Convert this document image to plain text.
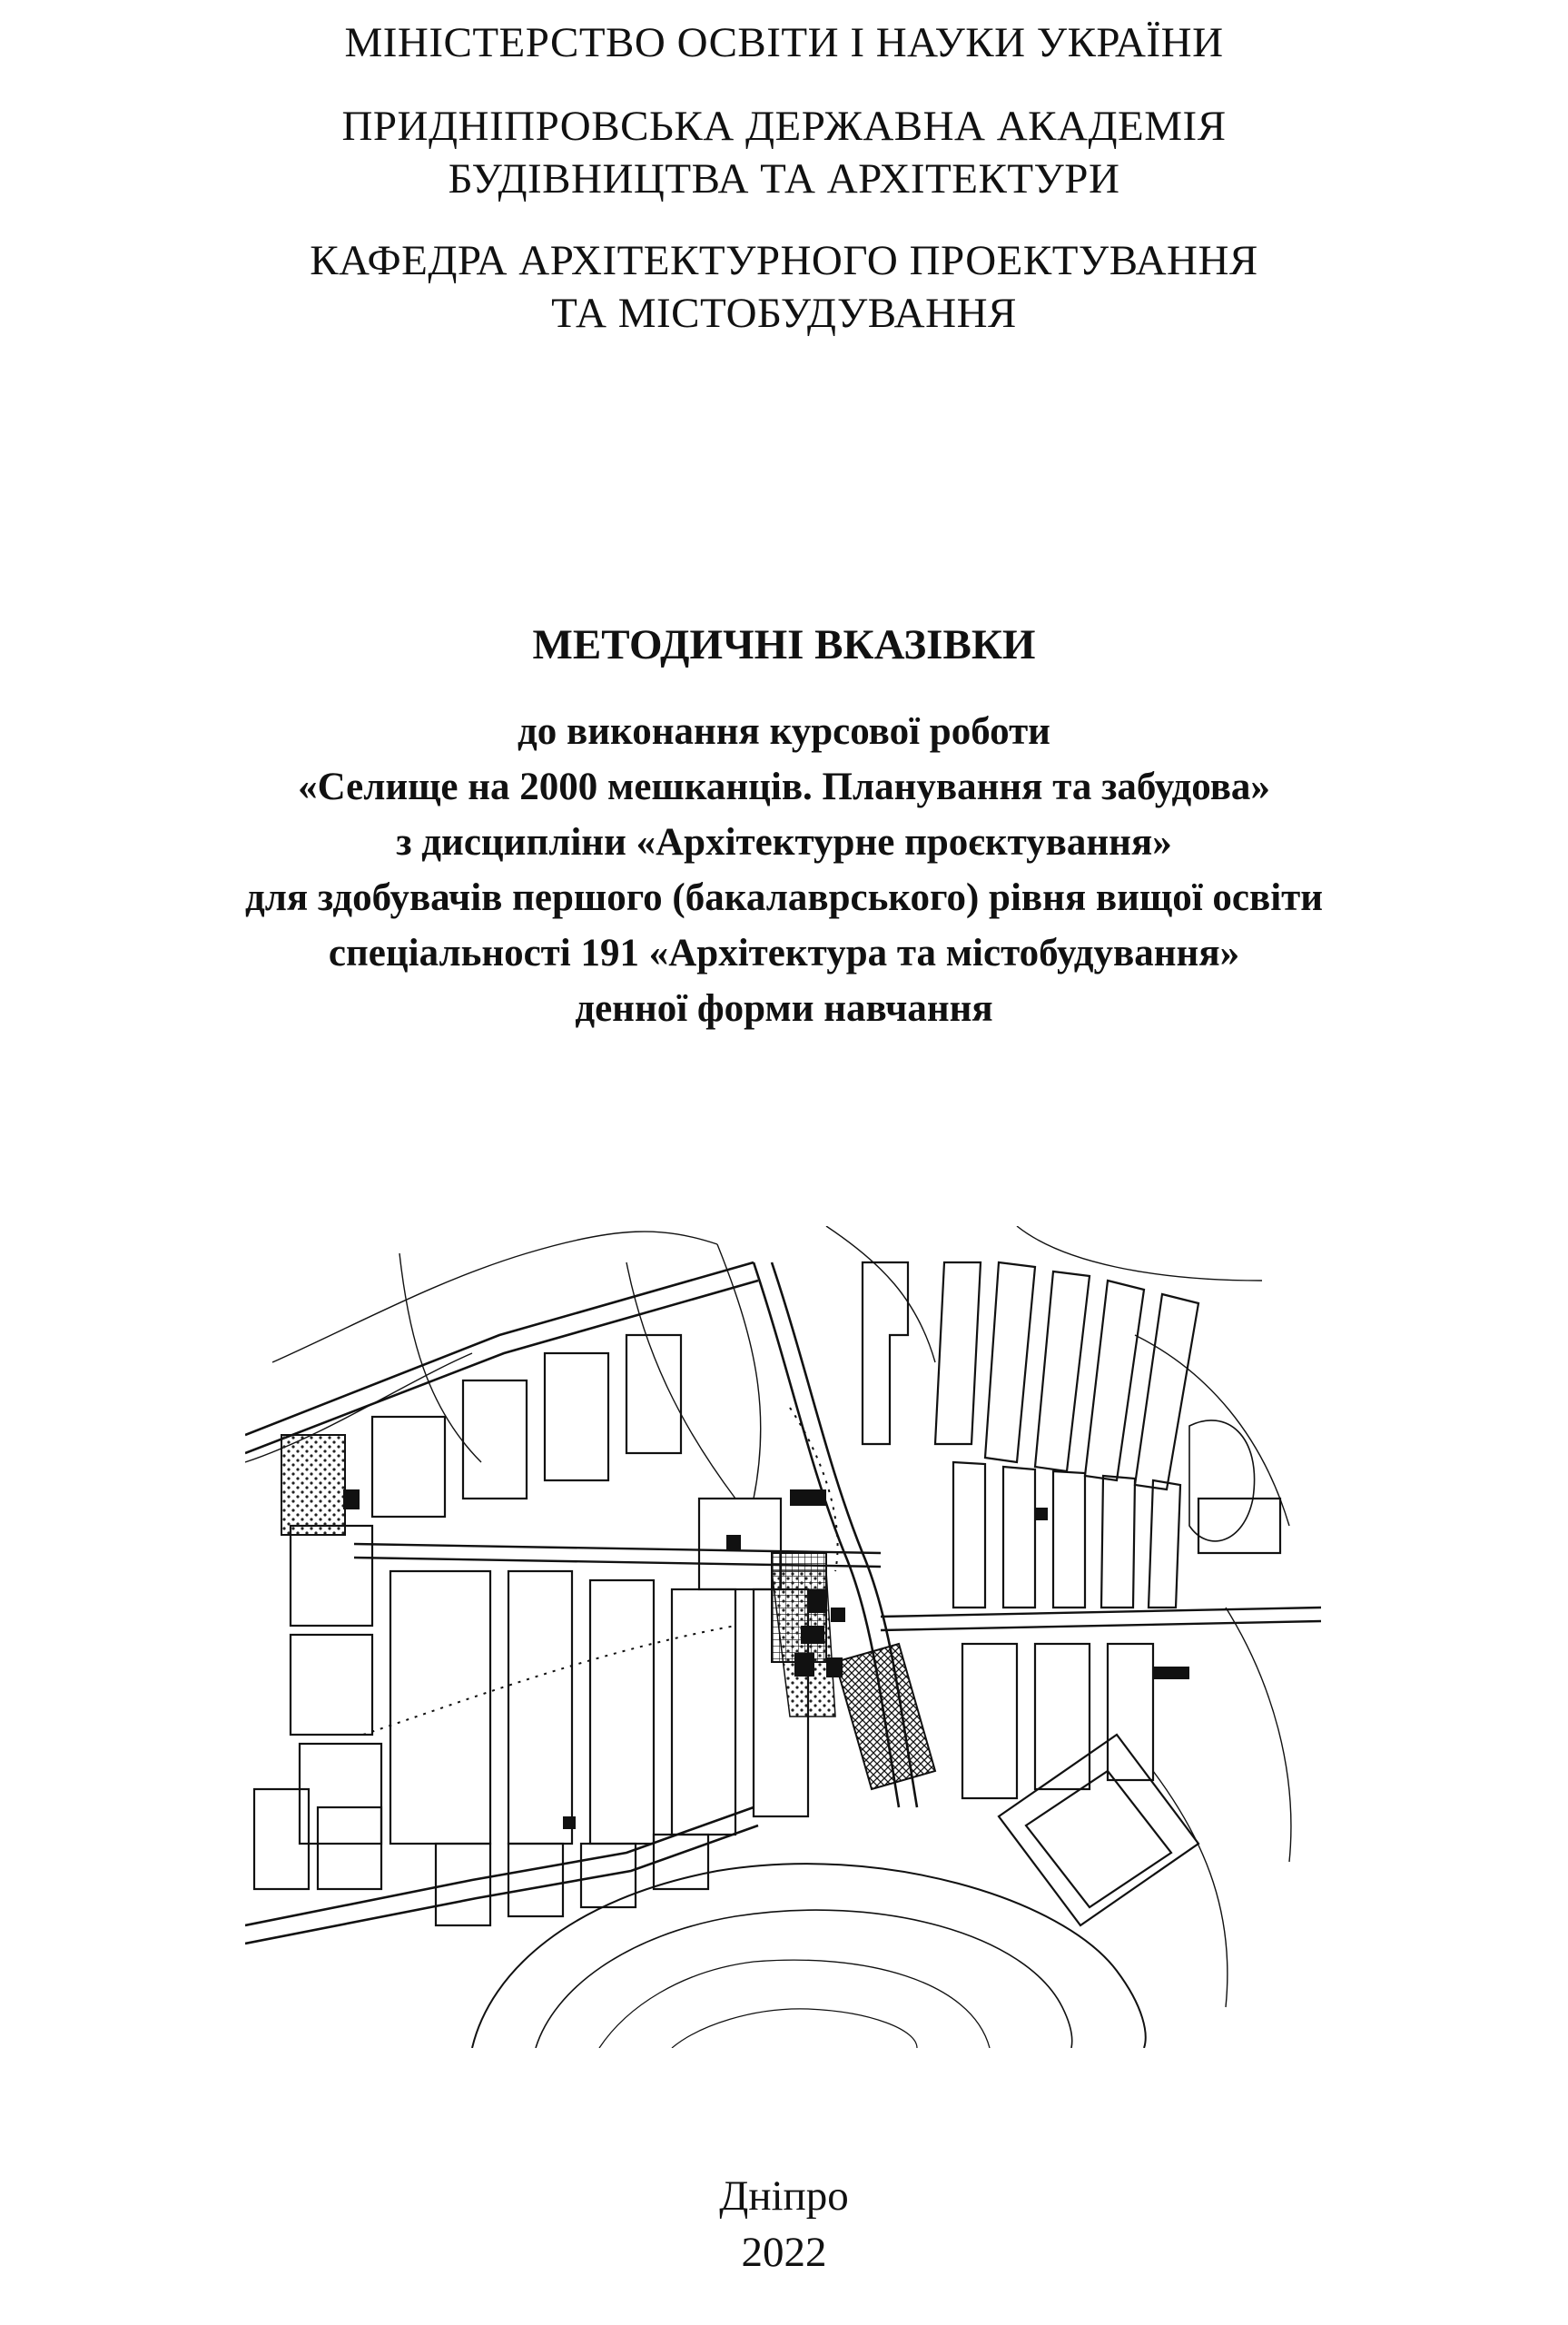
МІНІСТЕРСТВО ОСВІТИ І НАУКИ УКРАЇНИ
ПРИДНІПРОВСЬКА ДЕРЖАВНА АКАДЕМІЯ
БУДІВНИЦТВА ТА АРХІТЕКТУРИ
КАФЕДРА АРХІТЕКТУРНОГО ПРОЕКТУВАННЯ
ТА МІСТОБУДУВАННЯ
МЕТОДИЧНІ ВКАЗІВКИ
до виконання курсової роботи
«Селище на 2000 мешканців. Планування та забудова»
з дисципліни «Архітектурне проєктування»
для здобувачів першого (бакалаврського) рівня вищої освіти
спеціальності 191 «Архітектура та містобудування»
денної форми навчання
Дніпро
2022
